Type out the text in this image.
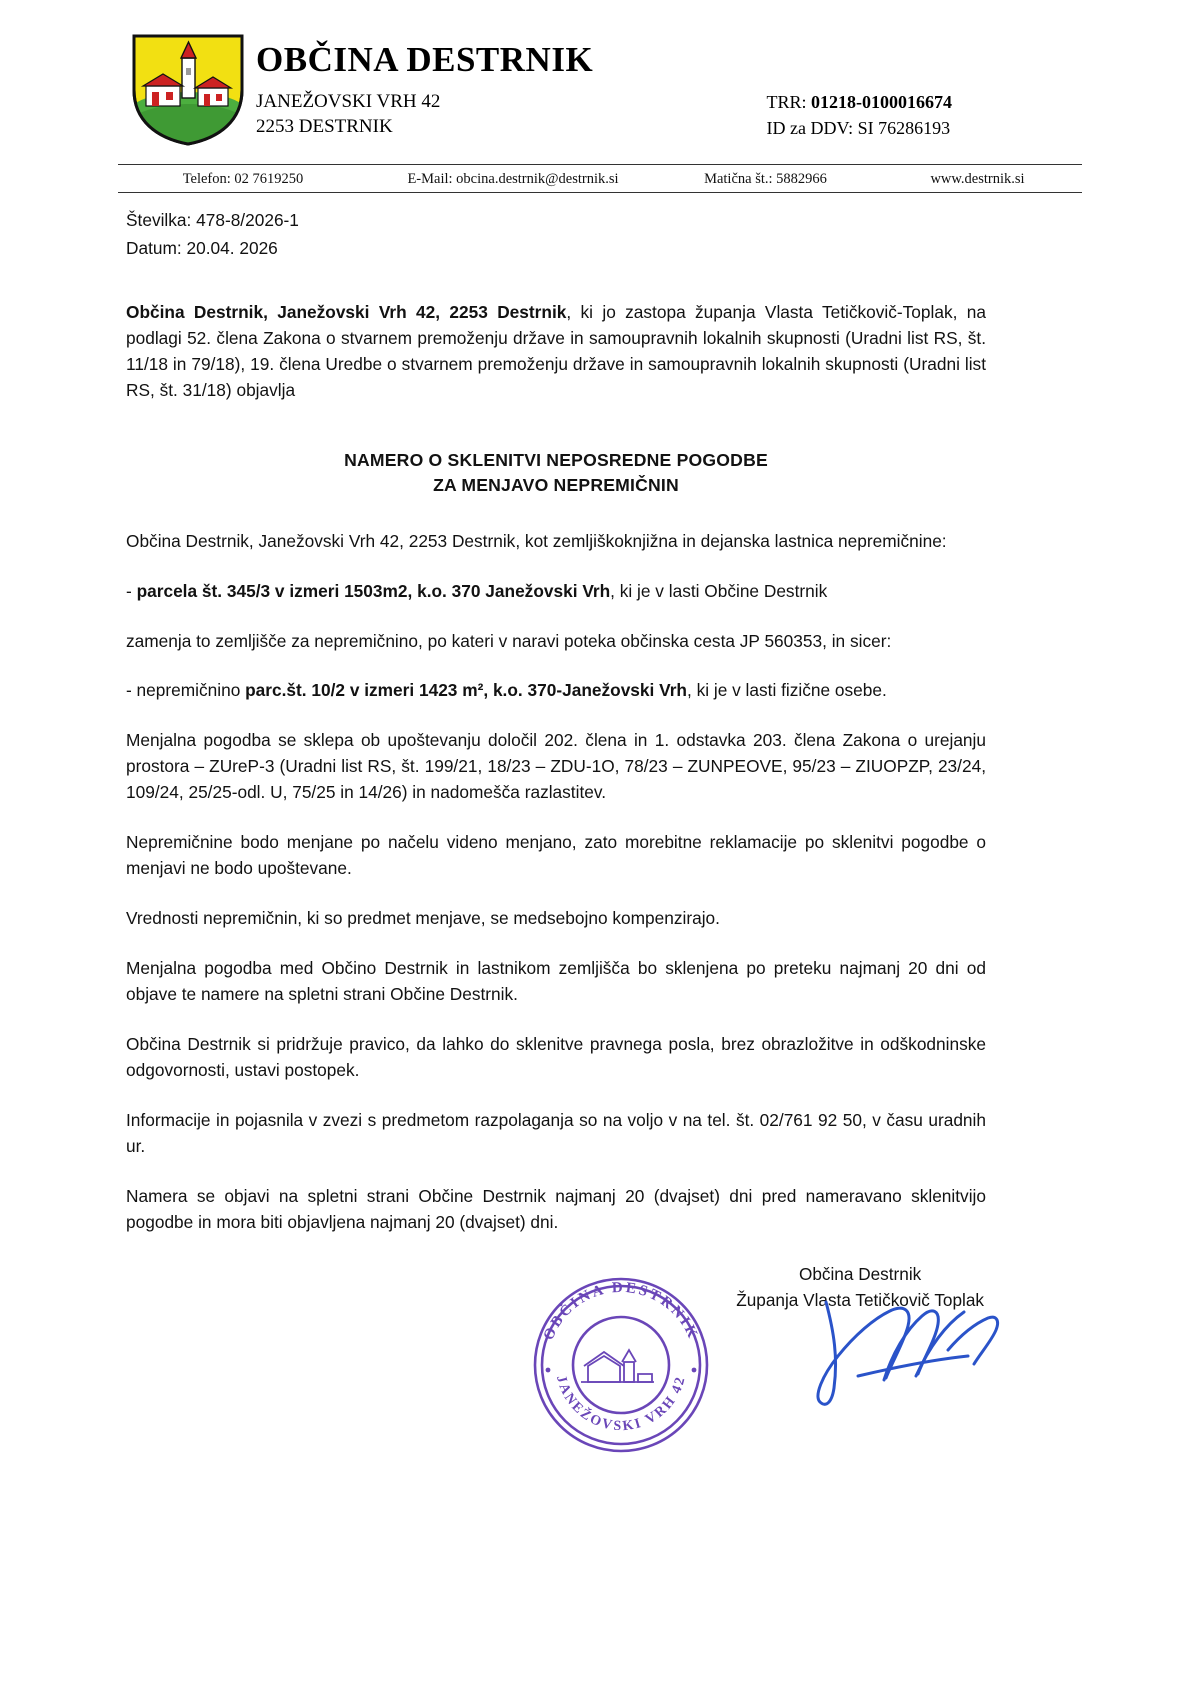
OBČINA DESTRNIK
JANEŽOVSKI VRH 42
2253 DESTRNIK
TRR: 01218-0100016674
ID za DDV: SI 76286193
Telefon: 02 7619250	E-Mail: obcina.destrnik@destrnik.si	Matična št.: 5882966	www.destrnik.si
Številka: 478-8/2026-1
Datum: 20.04. 2026

Občina Destrnik, Janežovski Vrh 42, 2253 Destrnik, ki jo zastopa županja Vlasta Tetičkovič-Toplak, na podlagi 52. člena Zakona o stvarnem premoženju države in samoupravnih lokalnih skupnosti (Uradni list RS, št. 11/18 in 79/18), 19. člena Uredbe o stvarnem premoženju države in samoupravnih lokalnih skupnosti (Uradni list RS, št. 31/18) objavlja

NAMERO O SKLENITVI NEPOSREDNE POGODBE
ZA MENJAVO NEPREMIČNIN

Občina Destrnik, Janežovski Vrh 42, 2253 Destrnik, kot zemljiškoknjižna in dejanska lastnica nepremičnine:

- parcela št. 345/3 v izmeri 1503m2, k.o. 370 Janežovski Vrh, ki je v lasti Občine Destrnik

zamenja to zemljišče za nepremičnino, po kateri v naravi poteka občinska cesta JP 560353, in sicer:

- nepremičnino parc.št. 10/2 v izmeri 1423 m², k.o. 370-Janežovski Vrh, ki je v lasti fizične osebe.

Menjalna pogodba se sklepa ob upoštevanju določil 202. člena in 1. odstavka 203. člena Zakona o urejanju prostora – ZUreP-3 (Uradni list RS, št. 199/21, 18/23 – ZDU-1O, 78/23 – ZUNPEOVE, 95/23 – ZIUOPZP, 23/24, 109/24, 25/25-odl. U, 75/25 in 14/26) in nadomešča razlastitev.

Nepremičnine bodo menjane po načelu videno menjano, zato morebitne reklamacije po sklenitvi pogodbe o menjavi ne bodo upoštevane.

Vrednosti nepremičnin, ki so predmet menjave, se medsebojno kompenzirajo.

Menjalna pogodba med Občino Destrnik in lastnikom zemljišča bo sklenjena po preteku najmanj 20 dni od objave te namere na spletni strani Občine Destrnik.

Občina Destrnik si pridržuje pravico, da lahko do sklenitve pravnega posla, brez obrazložitve in odškodninske odgovornosti, ustavi postopek.

Informacije in pojasnila v zvezi s predmetom razpolaganja so na voljo v na tel. št. 02/761 92 50, v času uradnih ur.

Namera se objavi na spletni strani Občine Destrnik najmanj 20 (dvajset) dni pred nameravano sklenitvijo pogodbe in mora biti objavljena najmanj 20 (dvajset) dni.

Občina Destrnik
Županja Vlasta Tetičkovič Toplak
OBČINA DESTRNIK
JANEŽOVSKI VRH 42
